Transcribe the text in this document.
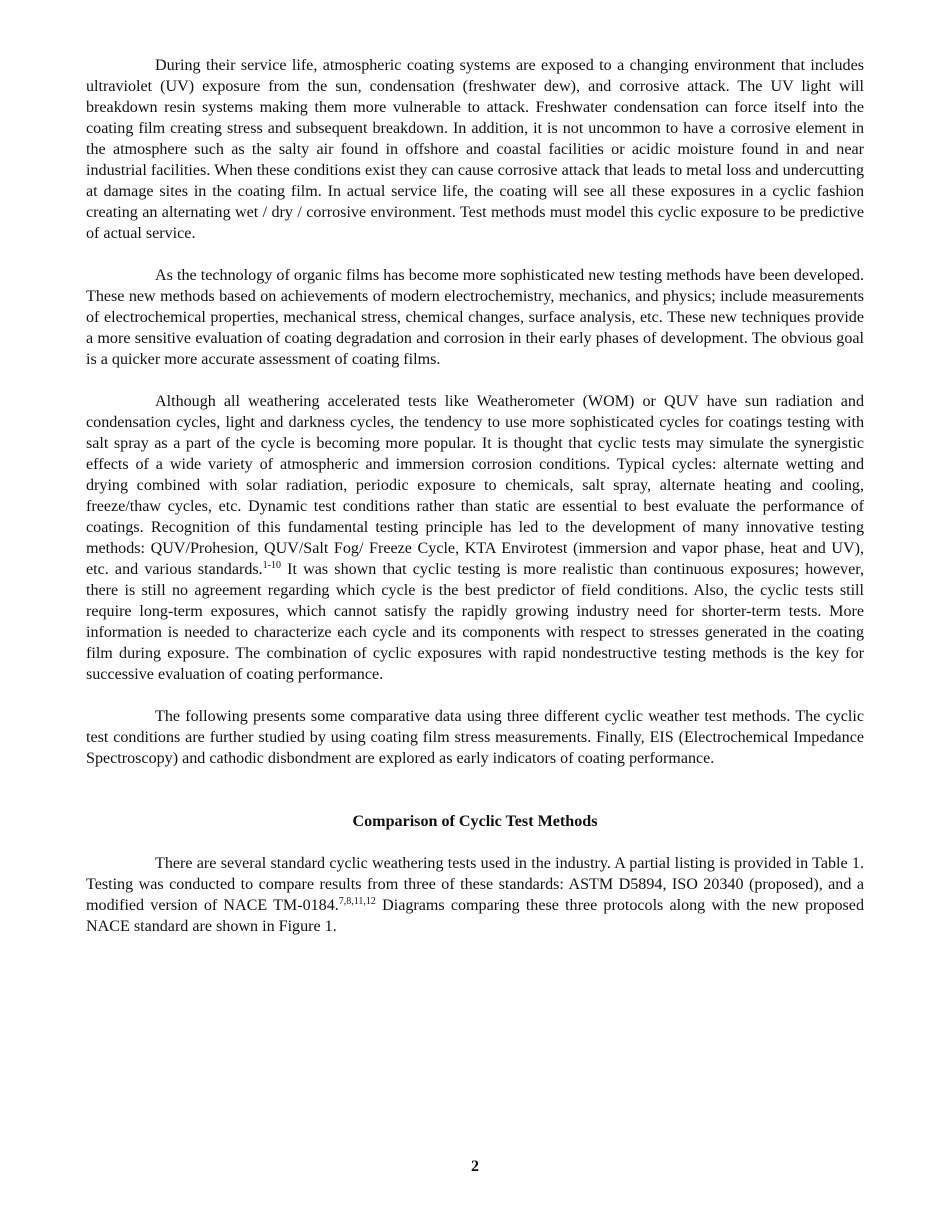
During their service life, atmospheric coating systems are exposed to a changing environment that includes ultraviolet (UV) exposure from the sun, condensation (freshwater dew), and corrosive attack. The UV light will breakdown resin systems making them more vulnerable to attack. Freshwater condensation can force itself into the coating film creating stress and subsequent breakdown. In addition, it is not uncommon to have a corrosive element in the atmosphere such as the salty air found in offshore and coastal facilities or acidic moisture found in and near industrial facilities. When these conditions exist they can cause corrosive attack that leads to metal loss and undercutting at damage sites in the coating film. In actual service life, the coating will see all these exposures in a cyclic fashion creating an alternating wet / dry / corrosive environment. Test methods must model this cyclic exposure to be predictive of actual service.

As the technology of organic films has become more sophisticated new testing methods have been developed. These new methods based on achievements of modern electrochemistry, mechanics, and physics; include measurements of electrochemical properties, mechanical stress, chemical changes, surface analysis, etc. These new techniques provide a more sensitive evaluation of coating degradation and corrosion in their early phases of development. The obvious goal is a quicker more accurate assessment of coating films.

Although all weathering accelerated tests like Weatherometer (WOM) or QUV have sun radiation and condensation cycles, light and darkness cycles, the tendency to use more sophisticated cycles for coatings testing with salt spray as a part of the cycle is becoming more popular. It is thought that cyclic tests may simulate the synergistic effects of a wide variety of atmospheric and immersion corrosion conditions. Typical cycles: alternate wetting and drying combined with solar radiation, periodic exposure to chemicals, salt spray, alternate heating and cooling, freeze/thaw cycles, etc. Dynamic test conditions rather than static are essential to best evaluate the performance of coatings. Recognition of this fundamental testing principle has led to the development of many innovative testing methods: QUV/Prohesion, QUV/Salt Fog/ Freeze Cycle, KTA Envirotest (immersion and vapor phase, heat and UV), etc. and various standards.$^{1-10}$ It was shown that cyclic testing is more realistic than continuous exposures; however, there is still no agreement regarding which cycle is the best predictor of field conditions. Also, the cyclic tests still require long-term exposures, which cannot satisfy the rapidly growing industry need for shorter-term tests. More information is needed to characterize each cycle and its components with respect to stresses generated in the coating film during exposure. The combination of cyclic exposures with rapid nondestructive testing methods is the key for successive evaluation of coating performance.

The following presents some comparative data using three different cyclic weather test methods. The cyclic test conditions are further studied by using coating film stress measurements. Finally, EIS (Electrochemical Impedance Spectroscopy) and cathodic disbondment are explored as early indicators of coating performance.

Comparison of Cyclic Test Methods

There are several standard cyclic weathering tests used in the industry. A partial listing is provided in Table 1. Testing was conducted to compare results from three of these standards: ASTM D5894, ISO 20340 (proposed), and a modified version of NACE TM-0184.$^{7,8,11,12}$ Diagrams comparing these three protocols along with the new proposed NACE standard are shown in Figure 1.

2
